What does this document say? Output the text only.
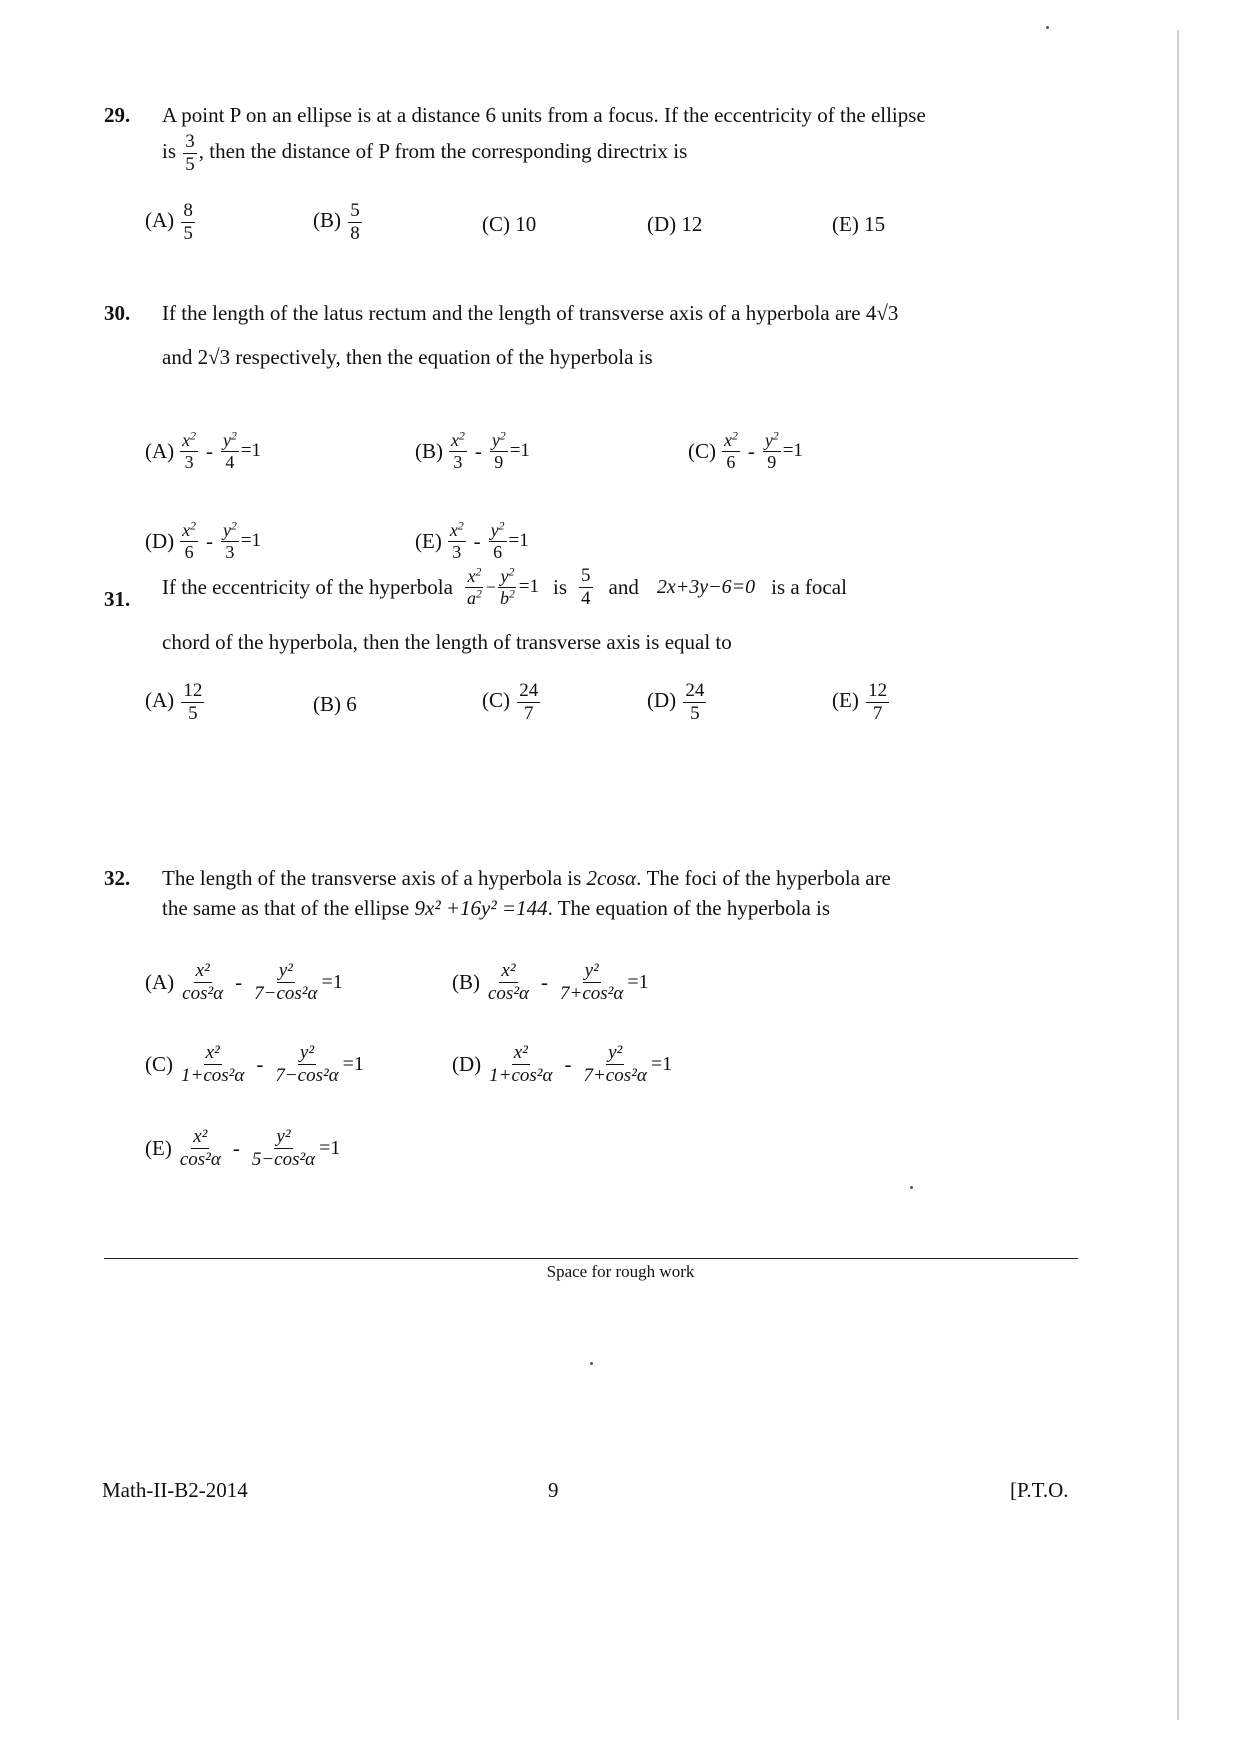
29. A point P on an ellipse is at a distance 6 units from a focus. If the eccentricity of the ellipse
is $\frac{3}{5}$ , then the distance of P from the corresponding directrix is
$(A) \frac{8}{5}$	$(B) \frac{5}{8}$	(C) 10	(D) 12	(E) 15
30. If the length of the latus rectum and the length of transverse axis of a hyperbola are 4√3
and 2√3 respectively, then the equation of the hyperbola is
$(A) \frac{x^2}{3} - \frac{y^2}{4} =1$	$(B) \frac{x^2}{3} - \frac{y^2}{9} =1$	$(C) \frac{x^2}{6} - \frac{y^2}{9} =1$
$(D) \frac{x^2}{6} - \frac{y^2}{3} =1$	$(E) \frac{x^2}{3} - \frac{y^2}{6} =1$
31. If the eccentricity of the hyperbola $\frac{x^2}{a^2} - \frac{y^2}{b^2} =1$ is $\frac{5}{4}$ and 2x+3y−6=0 is a focal
chord of the hyperbola, then the length of transverse axis is equal to
$(A) \frac{12}{5}$	(B) 6	$(C) \frac{24}{7}$	$(D) \frac{24}{5}$	$(E) \frac{12}{7}$
32. The length of the transverse axis of a hyperbola is 2cosα. The foci of the hyperbola are
the same as that of the ellipse 9x² +16y² =144. The equation of the hyperbola is
$(A) \frac{\text{x²}}{\text{cos²α}} - \frac{\text{y²}}{\text{7−cos²α}} =1$	$(B) \frac{\text{x²}}{\text{cos²α}} - \frac{\text{y²}}{\text{7+cos²α}} =1$
$(C) \frac{\text{x²}}{\text{1+cos²α}} - \frac{\text{y²}}{\text{7−cos²α}} =1$	$(D) \frac{\text{x²}}{\text{1+cos²α}} - \frac{\text{y²}}{\text{7+cos²α}} =1$
$(E) \frac{\text{x²}}{\text{cos²α}} - \frac{\text{y²}}{\text{5−cos²α}} =1$
Space for rough work
Math-II-B2-2014	9	[P.T.O.
